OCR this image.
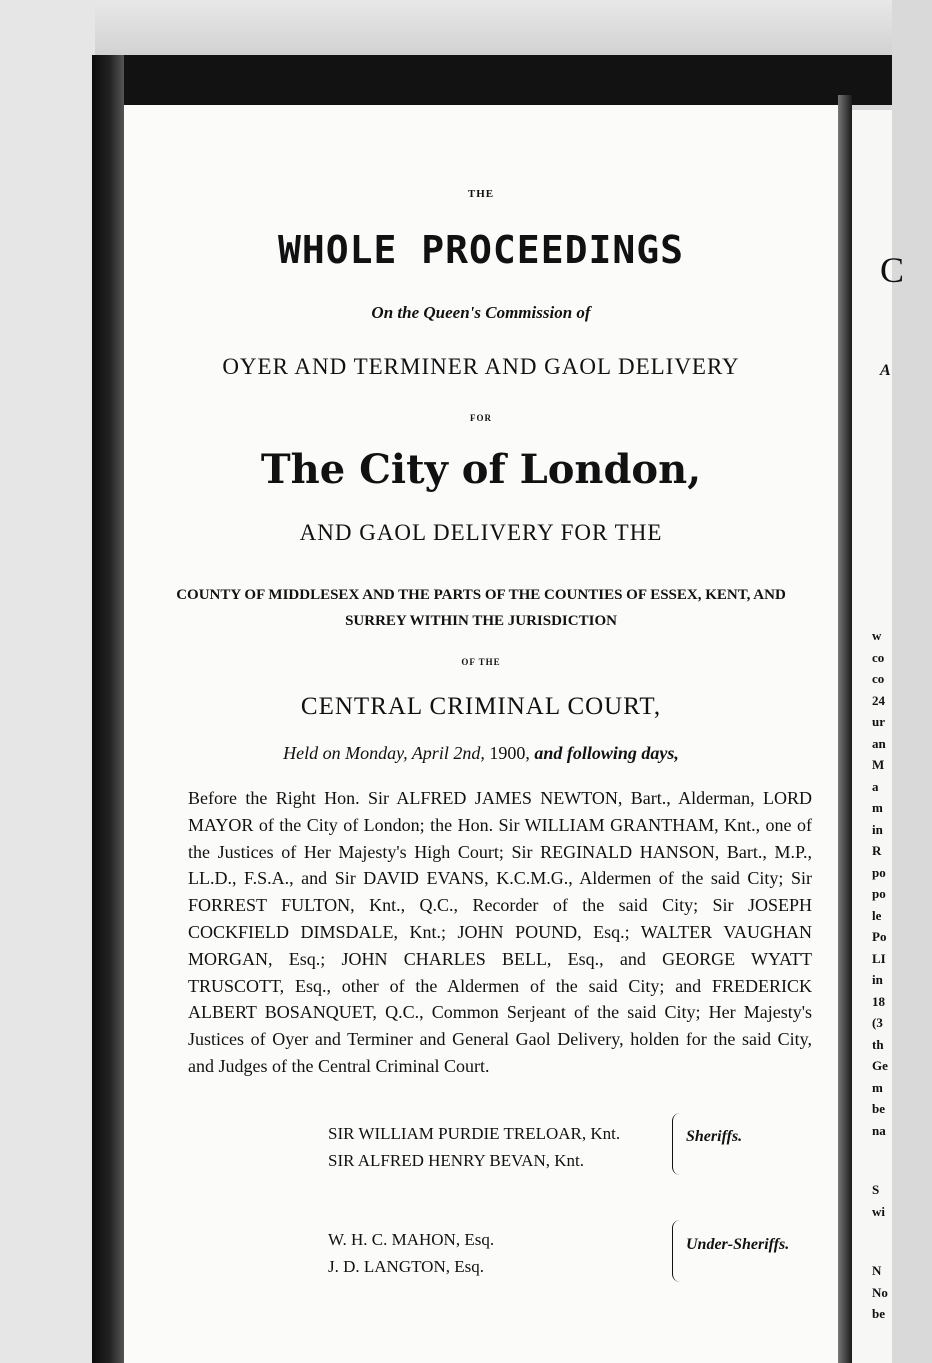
C
A
w
co
co
24
ur
an
M
a
m
in
R
po
po
le
Po
LI
in
18
(3
th
Ge
m
be
na
S
wi
N
No
be
THE
WHOLE PROCEEDINGS
On the Queen's Commission of
OYER AND TERMINER AND GAOL DELIVERY
FOR
The City of London,
AND GAOL DELIVERY FOR THE
COUNTY OF MIDDLESEX AND THE PARTS OF THE COUNTIES OF ESSEX, KENT, AND SURREY WITHIN THE JURISDICTION
OF THE
CENTRAL CRIMINAL COURT,
Held on Monday, April 2nd, 1900, and following days,
Before the Right Hon. Sir ALFRED JAMES NEWTON, Bart., Alderman, LORD MAYOR of the City of London; the Hon. Sir WILLIAM GRANTHAM, Knt., one of the Justices of Her Majesty's High Court; Sir REGINALD HANSON, Bart., M.P., LL.D., F.S.A., and Sir DAVID EVANS, K.C.M.G., Aldermen of the said City; Sir FORREST FULTON, Knt., Q.C., Recorder of the said City; Sir JOSEPH COCKFIELD DIMSDALE, Knt.; JOHN POUND, Esq.; WALTER VAUGHAN MORGAN, Esq.; JOHN CHARLES BELL, Esq., and GEORGE WYATT TRUSCOTT, Esq., other of the Aldermen of the said City; and FREDERICK ALBERT BOSANQUET, Q.C., Common Serjeant of the said City; Her Majesty's Justices of Oyer and Terminer and General Gaol Delivery, holden for the said City, and Judges of the Central Criminal Court.
SIR WILLIAM PURDIE TRELOAR, Knt.
SIR ALFRED HENRY BEVAN, Knt.
Sheriffs.
W. H. C. MAHON, Esq.
J. D. LANGTON, Esq.
Under-Sheriffs.
